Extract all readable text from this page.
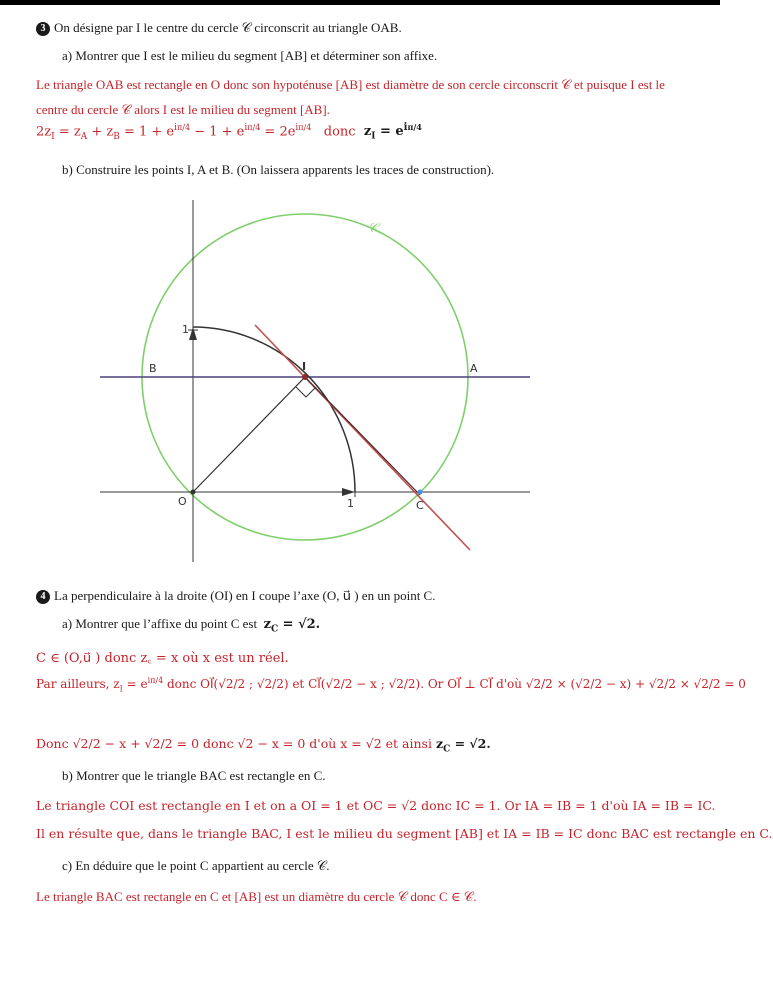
3 On désigne par I le centre du cercle 𝒞 circonscrit au triangle OAB.
a) Montrer que I est le milieu du segment [AB] et déterminer son affixe.
Le triangle OAB est rectangle en O donc son hypoténuse [AB] est diamètre de son cercle circonscrit 𝒞 et puisque I est le
centre du cercle 𝒞 alors I est le milieu du segment [AB].
$2z_I = z_A + z_B = 1 + e^{i\pi/4} - 1 + e^{i\pi/4} = 2e^{i\pi/4}$ donc $z_I = e^{i\pi/4}$
b) Construire les points I, A et B. (On laissera apparents les traces de construction).
𝒞
1
B	I	A
O	1	C
4 La perpendiculaire à la droite (OI) en I coupe l’axe (O, u⃗ ) en un point C.
a) Montrer que l’affixe du point C est $z_C = √2$.
C ∈ (O,u⃗ ) donc z꜀ = x où x est un réel.
Par ailleurs, $z_I = e^{i\pi/4}$ donc OI⃗(√2/2 ; √2/2) et CI⃗(√2/2 − x ; √2/2). Or OI⃗ ⊥ CI⃗ d'où √2/2 × (√2/2 − x) + √2/2 × √2/2 = 0
Donc √2/2 − x + √2/2 = 0 donc √2 − x = 0 d'où x = √2 et ainsi $z_C = √2$.
b) Montrer que le triangle BAC est rectangle en C.
Le triangle COI est rectangle en I et on a OI = 1 et OC = √2 donc IC = 1. Or IA = IB = 1 d'où IA = IB = IC.
Il en résulte que, dans le triangle BAC, I est le milieu du segment [AB] et IA = IB = IC donc BAC est rectangle en C.
c) En déduire que le point C appartient au cercle 𝒞.
Le triangle BAC est rectangle en C et [AB] est un diamètre du cercle 𝒞 donc C ∈ 𝒞.
